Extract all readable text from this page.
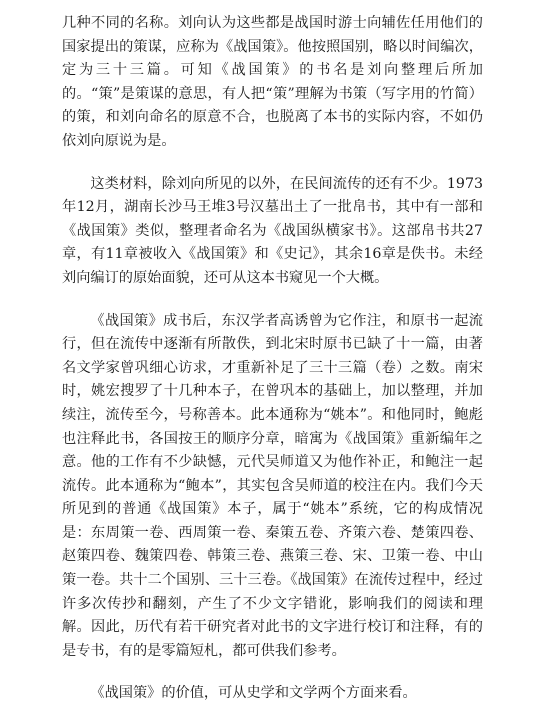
几种不同的名称。刘向认为这些都是战国时游士向辅佐任用他们的国家提出的策谋，应称为《战国策》。他按照国别，略以时间编次，定为三十三篇。可知《战国策》的书名是刘向整理后所加的。“策”是策谋的意思，有人把“策”理解为书策（写字用的竹简）的策，和刘向命名的原意不合，也脱离了本书的实际内容，不如仍依刘向原说为是。

这类材料，除刘向所见的以外，在民间流传的还有不少。1973年12月，湖南长沙马王堆3号汉墓出土了一批帛书，其中有一部和《战国策》类似，整理者命名为《战国纵横家书》。这部帛书共27章，有11章被收入《战国策》和《史记》，其余16章是佚书。未经刘向编订的原始面貌，还可从这本书窥见一个大概。

《战国策》成书后，东汉学者高诱曾为它作注，和原书一起流行，但在流传中逐渐有所散佚，到北宋时原书已缺了十一篇，由著名文学家曾巩细心访求，才重新补足了三十三篇（卷）之数。南宋时，姚宏搜罗了十几种本子，在曾巩本的基础上，加以整理，并加续注，流传至今，号称善本。此本通称为“姚本”。和他同时，鲍彪也注释此书，各国按王的顺序分章，暗寓为《战国策》重新编年之意。他的工作有不少缺憾，元代吴师道又为他作补正，和鲍注一起流传。此本通称为“鲍本”，其实包含吴师道的校注在内。我们今天所见到的普通《战国策》本子，属于“姚本”系统，它的构成情况是：东周策一卷、西周策一卷、秦策五卷、齐策六卷、楚策四卷、赵策四卷、魏策四卷、韩策三卷、燕策三卷、宋、卫策一卷、中山策一卷。共十二个国别、三十三卷。《战国策》在流传过程中，经过许多次传抄和翻刻，产生了不少文字错讹，影响我们的阅读和理解。因此，历代有若干研究者对此书的文字进行校订和注释，有的是专书，有的是零篇短札，都可供我们参考。

《战国策》的价值，可从史学和文学两个方面来看。
